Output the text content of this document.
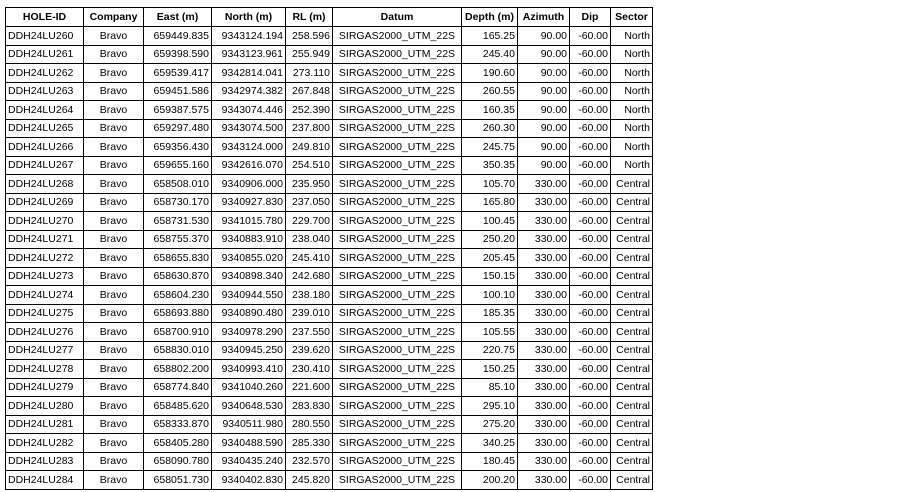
HOLE-ID	Company	East (m)	North (m)	RL (m)	Datum	Depth (m)	Azimuth	Dip	Sector
DDH24LU260	Bravo	659449.835	9343124.194	258.596	SIRGAS2000_UTM_22S	165.25	90.00	-60.00	North
DDH24LU261	Bravo	659398.590	9343123.961	255.949	SIRGAS2000_UTM_22S	245.40	90.00	-60.00	North
DDH24LU262	Bravo	659539.417	9342814.041	273.110	SIRGAS2000_UTM_22S	190.60	90.00	-60.00	North
DDH24LU263	Bravo	659451.586	9342974.382	267.848	SIRGAS2000_UTM_22S	260.55	90.00	-60.00	North
DDH24LU264	Bravo	659387.575	9343074.446	252.390	SIRGAS2000_UTM_22S	160.35	90.00	-60.00	North
DDH24LU265	Bravo	659297.480	9343074.500	237.800	SIRGAS2000_UTM_22S	260.30	90.00	-60.00	North
DDH24LU266	Bravo	659356.430	9343124.000	249.810	SIRGAS2000_UTM_22S	245.75	90.00	-60.00	North
DDH24LU267	Bravo	659655.160	9342616.070	254.510	SIRGAS2000_UTM_22S	350.35	90.00	-60.00	North
DDH24LU268	Bravo	658508.010	9340906.000	235.950	SIRGAS2000_UTM_22S	105.70	330.00	-60.00	Central
DDH24LU269	Bravo	658730.170	9340927.830	237.050	SIRGAS2000_UTM_22S	165.80	330.00	-60.00	Central
DDH24LU270	Bravo	658731.530	9341015.780	229.700	SIRGAS2000_UTM_22S	100.45	330.00	-60.00	Central
DDH24LU271	Bravo	658755.370	9340883.910	238.040	SIRGAS2000_UTM_22S	250.20	330.00	-60.00	Central
DDH24LU272	Bravo	658655.830	9340855.020	245.410	SIRGAS2000_UTM_22S	205.45	330.00	-60.00	Central
DDH24LU273	Bravo	658630.870	9340898.340	242.680	SIRGAS2000_UTM_22S	150.15	330.00	-60.00	Central
DDH24LU274	Bravo	658604.230	9340944.550	238.180	SIRGAS2000_UTM_22S	100.10	330.00	-60.00	Central
DDH24LU275	Bravo	658693.880	9340890.480	239.010	SIRGAS2000_UTM_22S	185.35	330.00	-60.00	Central
DDH24LU276	Bravo	658700.910	9340978.290	237.550	SIRGAS2000_UTM_22S	105.55	330.00	-60.00	Central
DDH24LU277	Bravo	658830.010	9340945.250	239.620	SIRGAS2000_UTM_22S	220.75	330.00	-60.00	Central
DDH24LU278	Bravo	658802.200	9340993.410	230.410	SIRGAS2000_UTM_22S	150.25	330.00	-60.00	Central
DDH24LU279	Bravo	658774.840	9341040.260	221.600	SIRGAS2000_UTM_22S	85.10	330.00	-60.00	Central
DDH24LU280	Bravo	658485.620	9340648.530	283.830	SIRGAS2000_UTM_22S	295.10	330.00	-60.00	Central
DDH24LU281	Bravo	658333.870	9340511.980	280.550	SIRGAS2000_UTM_22S	275.20	330.00	-60.00	Central
DDH24LU282	Bravo	658405.280	9340488.590	285.330	SIRGAS2000_UTM_22S	340.25	330.00	-60.00	Central
DDH24LU283	Bravo	658090.780	9340435.240	232.570	SIRGAS2000_UTM_22S	180.45	330.00	-60.00	Central
DDH24LU284	Bravo	658051.730	9340402.830	245.820	SIRGAS2000_UTM_22S	200.20	330.00	-60.00	Central
